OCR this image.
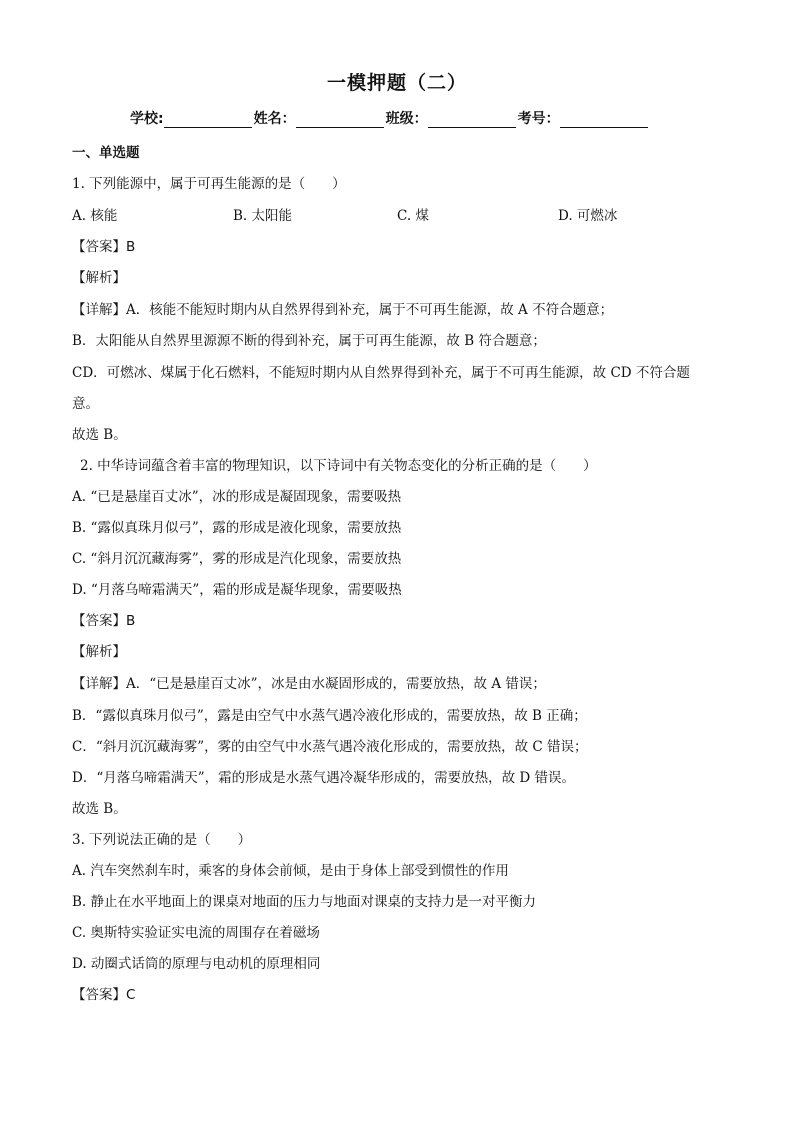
一模押题（二）
学校:	姓名：	班级：	考号：
一、单选题
1. 下列能源中，属于可再生能源的是（　　）
A. 核能	B. 太阳能	C. 煤	D. 可燃冰
【答案】B
【解析】
【详解】A．核能不能短时期内从自然界得到补充，属于不可再生能源，故 A 不符合题意；
B．太阳能从自然界里源源不断的得到补充，属于可再生能源，故 B 符合题意；
CD．可燃冰、煤属于化石燃料，不能短时期内从自然界得到补充，属于不可再生能源，故 CD 不符合题
意。
故选 B。
2. 中华诗词蕴含着丰富的物理知识，以下诗词中有关物态变化的分析正确的是（　　）
A. “已是悬崖百丈冰”，冰的形成是凝固现象，需要吸热
B. “露似真珠月似弓”，露的形成是液化现象，需要放热
C. “斜月沉沉藏海雾”，雾的形成是汽化现象，需要放热
D. “月落乌啼霜满天”，霜的形成是凝华现象，需要吸热
【答案】B
【解析】
【详解】A．“已是悬崖百丈冰”，冰是由水凝固形成的，需要放热，故 A 错误；
B．“露似真珠月似弓”，露是由空气中水蒸气遇冷液化形成的，需要放热，故 B 正确；
C．“斜月沉沉藏海雾”，雾的由空气中水蒸气遇冷液化形成的，需要放热，故 C 错误；
D．“月落乌啼霜满天”，霜的形成是水蒸气遇冷凝华形成的，需要放热，故 D 错误。
故选 B。
3. 下列说法正确的是（　　）
A. 汽车突然刹车时，乘客的身体会前倾，是由于身体上部受到惯性的作用
B. 静止在水平地面上的课桌对地面的压力与地面对课桌的支持力是一对平衡力
C. 奥斯特实验证实电流的周围存在着磁场
D. 动圈式话筒的原理与电动机的原理相同
【答案】C
